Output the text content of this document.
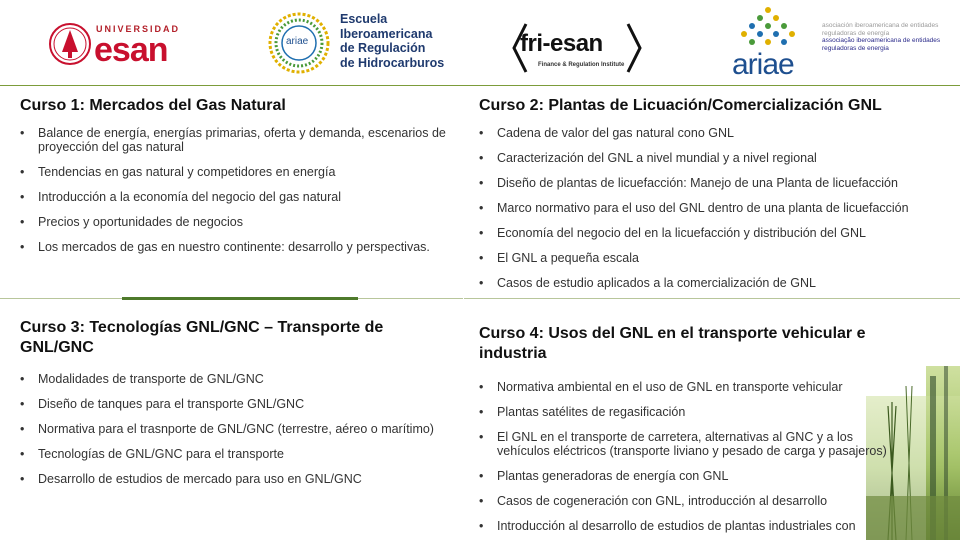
UNIVERSIDAD
esan	ariae
Escuela
Iberoamericana
de Regulación
de Hidrocarburos
fri-esan
Finance & Regulation Institute	ariae
asociación iberoamericana de entidades reguladoras de energía
associação iberoamericana de entidades reguladoras de energia
Curso 1: Mercados del Gas Natural
• Balance de energía, energías primarias, oferta y demanda, escenarios de proyección del gas natural
• Tendencias en gas natural y competidores en energía
• Introducción a la economía del negocio del gas natural
• Precios y oportunidades de negocios
• Los mercados de gas en nuestro continente: desarrollo y perspectivas.
Curso 2: Plantas de Licuación/Comercialización GNL
• Cadena de valor del gas natural cono GNL
• Caracterización del GNL a nivel mundial y a nivel regional
• Diseño de plantas de licuefacción: Manejo de una Planta de licuefacción
• Marco normativo para el uso del GNL dentro de una planta de licuefacción
• Economía del negocio del en la licuefacción y distribución del GNL
• El GNL a pequeña escala
• Casos de estudio aplicados a la comercialización de GNL
Curso 3: Tecnologías GNL/GNC – Transporte de GNL/GNC
• Modalidades de transporte de GNL/GNC
• Diseño de tanques para el transporte GNL/GNC
• Normativa para el trasnporte de GNL/GNC (terrestre, aéreo o marítimo)
• Tecnologías de GNL/GNC para el transporte
• Desarrollo de estudios de mercado para uso en GNL/GNC
Curso 4: Usos del GNL en el transporte vehicular e industria
• Normativa ambiental en el uso de GNL en transporte vehicular
• Plantas satélites de regasificación
• El GNL en el transporte de carretera, alternativas al GNC y a los vehículos eléctricos (transporte liviano y pesado de carga y pasajeros)
• Plantas generadoras de energía con GNL
• Casos de cogeneración con GNL, introducción al desarrollo
• Introducción al desarrollo de estudios de plantas industriales con
